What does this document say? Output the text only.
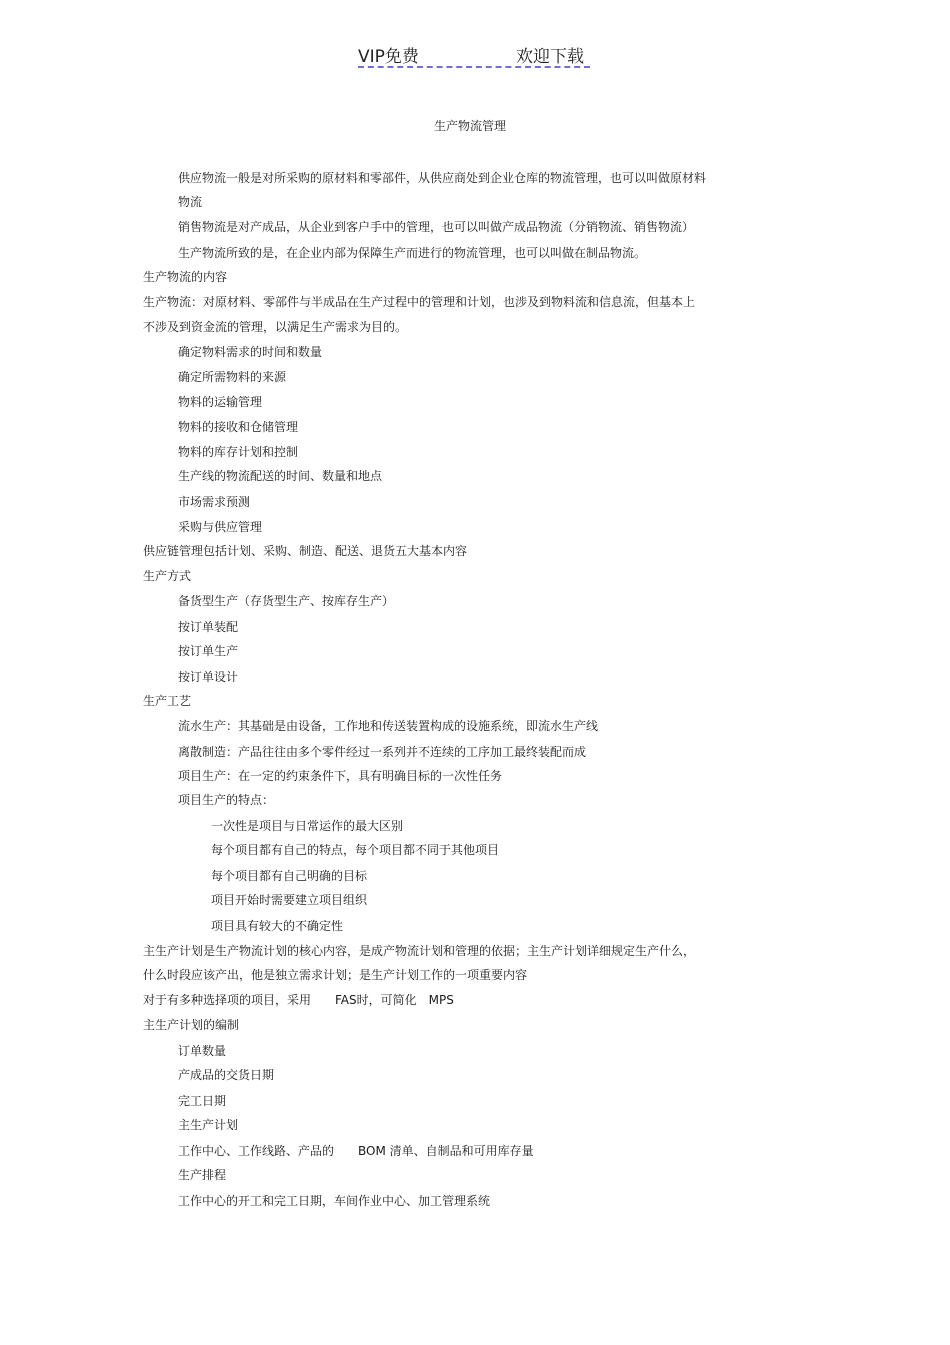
VIP免费	欢迎下载
生产物流管理
供应物流一般是对所采购的原材料和零部件，从供应商处到企业仓库的物流管理，也可以叫做原材料
物流
销售物流是对产成品，从企业到客户手中的管理，也可以叫做产成品物流（分销物流、销售物流）
生产物流所致的是，在企业内部为保障生产而进行的物流管理，也可以叫做在制品物流。
生产物流的内容
生产物流：对原材料、零部件与半成品在生产过程中的管理和计划，也涉及到物料流和信息流，但基本上
不涉及到资金流的管理，以满足生产需求为目的。
确定物料需求的时间和数量
确定所需物料的来源
物料的运输管理
物料的接收和仓储管理
物料的库存计划和控制
生产线的物流配送的时间、数量和地点
市场需求预测
采购与供应管理
供应链管理包括计划、采购、制造、配送、退货五大基本内容
生产方式
备货型生产（存货型生产、按库存生产）
按订单装配
按订单生产
按订单设计
生产工艺
流水生产：其基础是由设备，工作地和传送装置构成的设施系统，即流水生产线
离散制造：产品往往由多个零件经过一系列并不连续的工序加工最终装配而成
项目生产：在一定的约束条件下，具有明确目标的一次性任务
项目生产的特点：
一次性是项目与日常运作的最大区别
每个项目都有自己的特点，每个项目都不同于其他项目
每个项目都有自己明确的目标
项目开始时需要建立项目组织
项目具有较大的不确定性
主生产计划是生产物流计划的核心内容，是成产物流计划和管理的依据；主生产计划详细规定生产什么，
什么时段应该产出，他是独立需求计划；是生产计划工作的一项重要内容
对于有多种选择项的项目，采用　　FAS时，可简化　MPS
主生产计划的编制
订单数量
产成品的交货日期
完工日期
主生产计划
工作中心、工作线路、产品的　　BOM 清单、自制品和可用库存量
生产排程
工作中心的开工和完工日期，车间作业中心、加工管理系统
